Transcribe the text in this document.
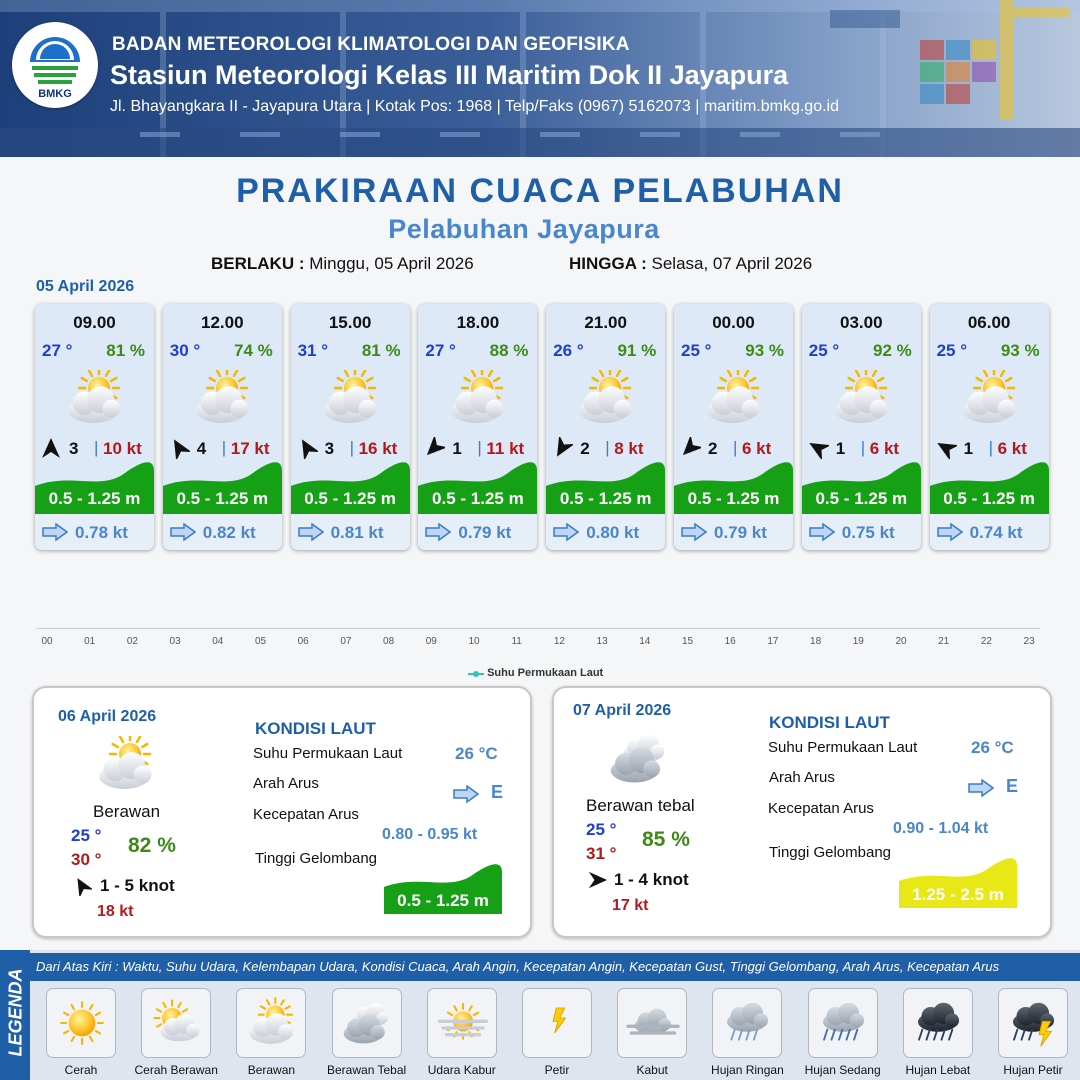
BMKG
BADAN METEOROLOGI KLIMATOLOGI DAN GEOFISIKA
Stasiun Meteorologi Kelas III Maritim Dok II Jayapura
Jl. Bhayangkara II - Jayapura Utara | Kotak Pos: 1968 | Telp/Faks (0967) 5162073 | maritim.bmkg.go.id
PRAKIRAAN CUACA PELABUHAN
Pelabuhan Jayapura
BERLAKU : Minggu, 05 April 2026	HINGGA : Selasa, 07 April 2026
05 April 2026
09.00
27 ° 81 %
3 | 10 kt
0.5 - 1.25 m
0.78 kt
12.00
30 ° 74 %
4 | 17 kt
0.5 - 1.25 m
0.82 kt
15.00
31 ° 81 %
3 | 16 kt
0.5 - 1.25 m
0.81 kt
18.00
27 ° 88 %
1 | 11 kt
0.5 - 1.25 m
0.79 kt
21.00
26 ° 91 %
2 | 8 kt
0.5 - 1.25 m
0.80 kt
00.00
25 ° 93 %
2 | 6 kt
0.5 - 1.25 m
0.79 kt
03.00
25 ° 92 %
1 | 6 kt
0.5 - 1.25 m
0.75 kt
06.00
25 ° 93 %
1 | 6 kt
0.5 - 1.25 m
0.74 kt
00	01	02	03	04	05	06	07	08	09	10	11	12	13	14	15	16	17	18	19	20	21	22	23
Suhu Permukaan Laut
06 April 2026
Berawan
25 °
30 °
82 %
1 - 5 knot
18 kt
KONDISI LAUT
Suhu Permukaan Laut	26 °C
Arah Arus	E
Kecepatan Arus
0.80 - 0.95 kt
Tinggi Gelombang
0.5 - 1.25 m
07 April 2026
Berawan tebal
25 °
31 °
85 %
1 - 4 knot
17 kt
KONDISI LAUT
Suhu Permukaan Laut	26 °C
Arah Arus	E
Kecepatan Arus
0.90 - 1.04 kt
Tinggi Gelombang
1.25 - 2.5 m
LEGENDA
Dari Atas Kiri : Waktu, Suhu Udara, Kelembapan Udara, Kondisi Cuaca, Arah Angin, Kecepatan Angin, Kecepatan Gust, Tinggi Gelombang, Arah Arus, Kecepatan Arus
Cerah	Cerah Berawan	Berawan	Berawan Tebal	Udara Kabur	Petir	Kabut	Hujan Ringan	Hujan Sedang	Hujan Lebat	Hujan Petir
